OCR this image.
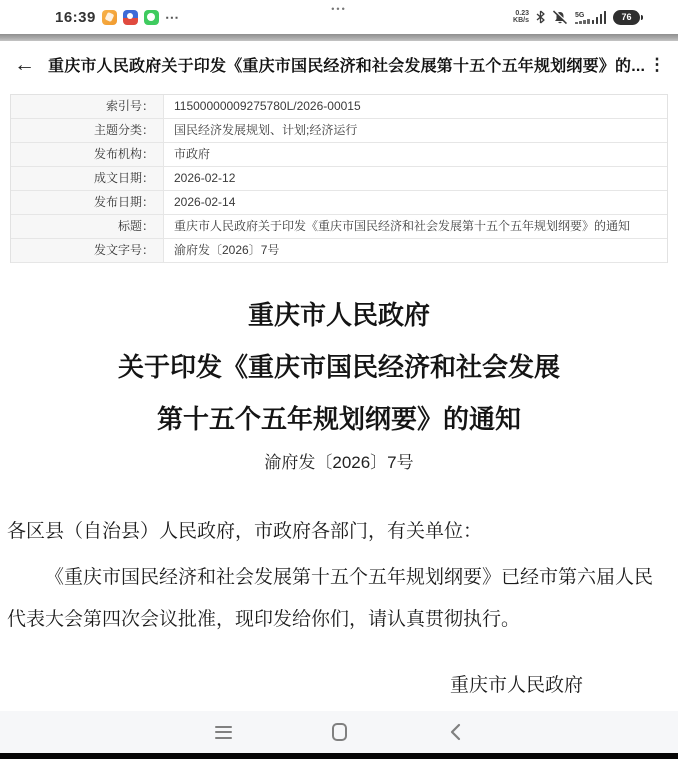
16:39	⋯	•••	0.23
KB/s
5G	76
← 重庆市人民政府关于印发《重庆市国民经济和社会发展第十五个五年规划纲要》的... ⋮
索引号：	11500000009275780L/2026-00015
主题分类：	国民经济发展规划、计划;经济运行
发布机构：	市政府
成文日期：	2026-02-12
发布日期：	2026-02-14
标题：	重庆市人民政府关于印发《重庆市国民经济和社会发展第十五个五年规划纲要》的通知
发文字号：	渝府发〔2026〕7号
重庆市人民政府
关于印发《重庆市国民经济和社会发展
第十五个五年规划纲要》的通知
渝府发〔2026〕7号
各区县（自治县）人民政府，市政府各部门，有关单位：
《重庆市国民经济和社会发展第十五个五年规划纲要》已经市第六届人民代表大会第四次会议批准，现印发给你们，请认真贯彻执行。
重庆市人民政府
